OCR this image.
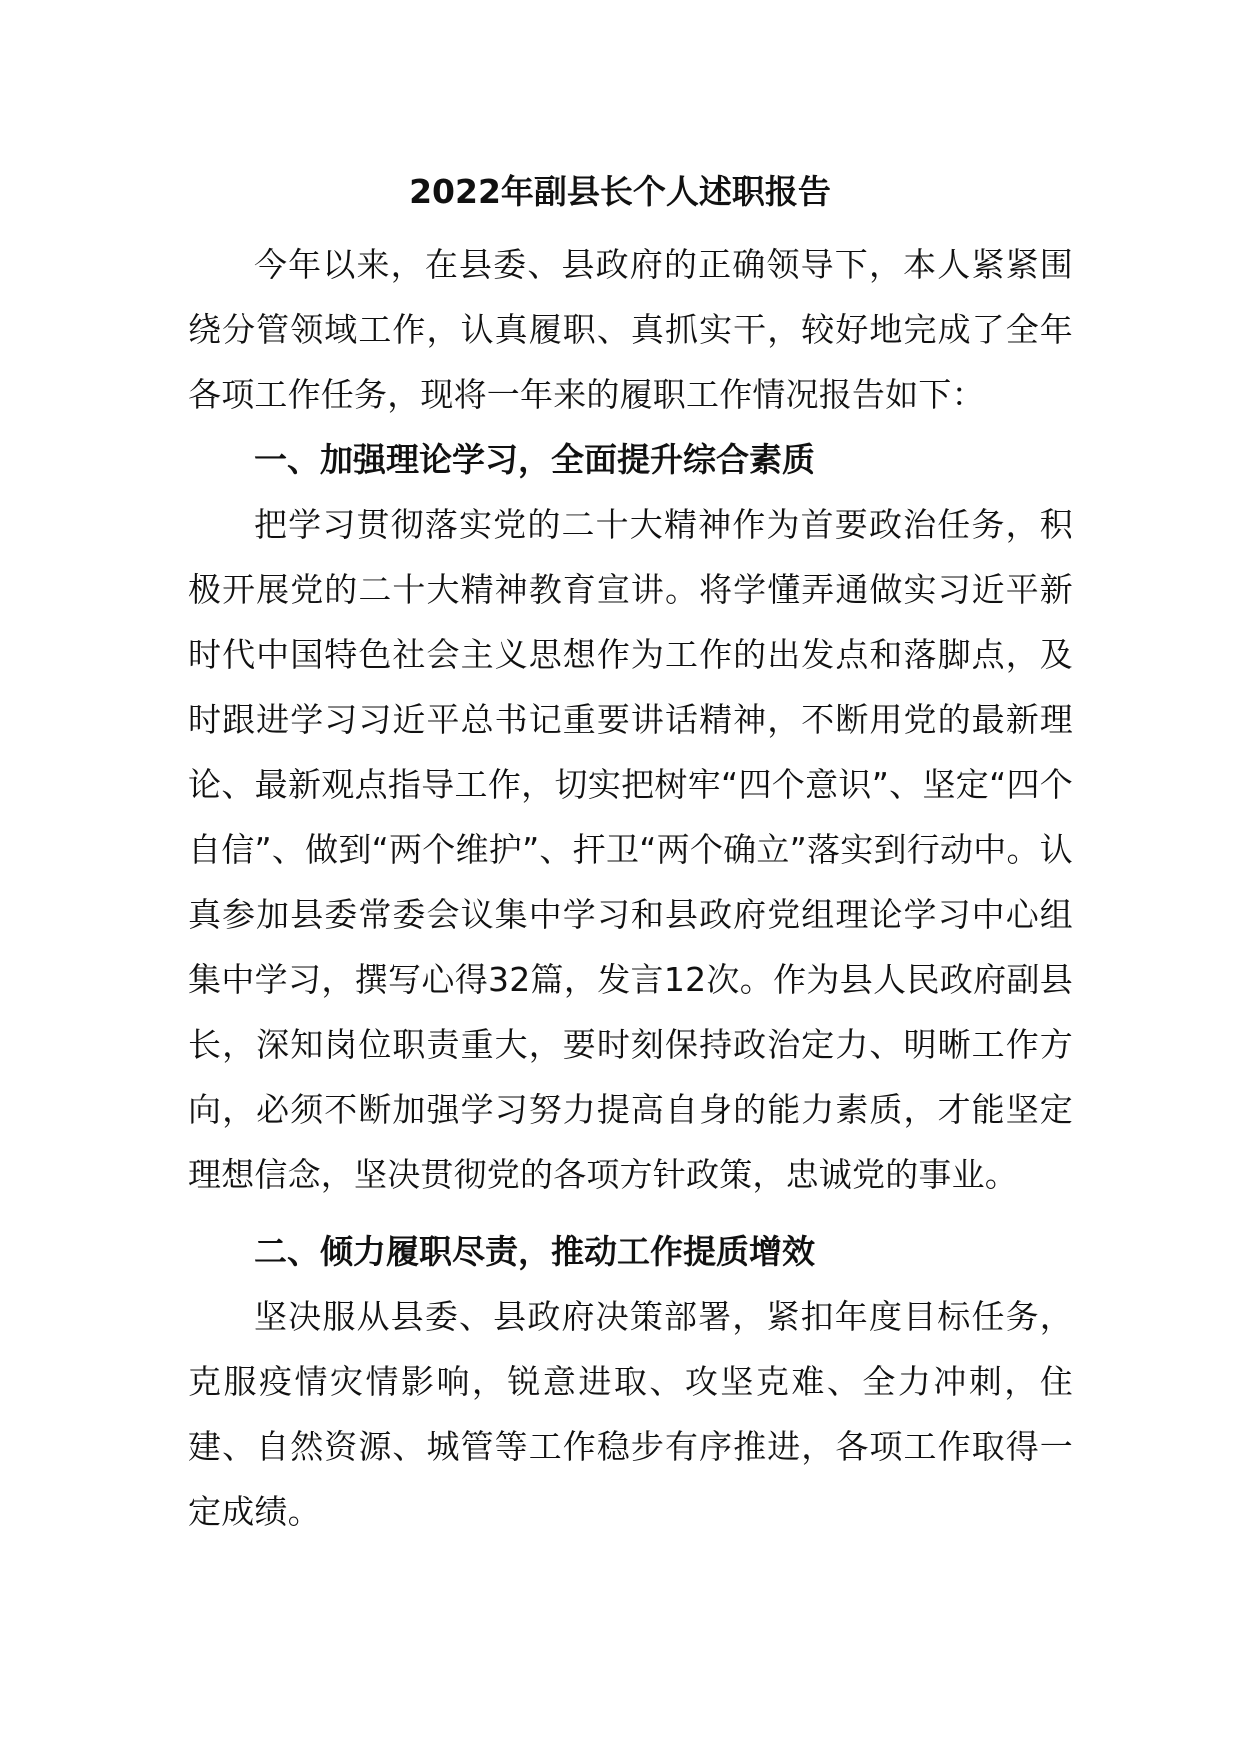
2022年副县长个人述职报告

今年以来，在县委、县政府的正确领导下，本人紧紧围绕分管领域工作，认真履职、真抓实干，较好地完成了全年各项工作任务，现将一年来的履职工作情况报告如下：

一、加强理论学习，全面提升综合素质

把学习贯彻落实党的二十大精神作为首要政治任务，积极开展党的二十大精神教育宣讲。将学懂弄通做实习近平新时代中国特色社会主义思想作为工作的出发点和落脚点，及时跟进学习习近平总书记重要讲话精神，不断用党的最新理论、最新观点指导工作，切实把树牢“四个意识”、坚定“四个自信”、做到“两个维护”、扞卫“两个确立”落实到行动中。认真参加县委常委会议集中学习和县政府党组理论学习中心组集中学习，撰写心得32篇，发言12次。作为县人民政府副县长，深知岗位职责重大，要时刻保持政治定力、明晰工作方向，必须不断加强学习努力提高自身的能力素质，才能坚定理想信念，坚决贯彻党的各项方针政策，忠诚党的事业。

二、倾力履职尽责，推动工作提质增效

坚决服从县委、县政府决策部署，紧扣年度目标任务，克服疫情灾情影响，锐意进取、攻坚克难、全力冲刺，住建、自然资源、城管等工作稳步有序推进，各项工作取得一定成绩。
